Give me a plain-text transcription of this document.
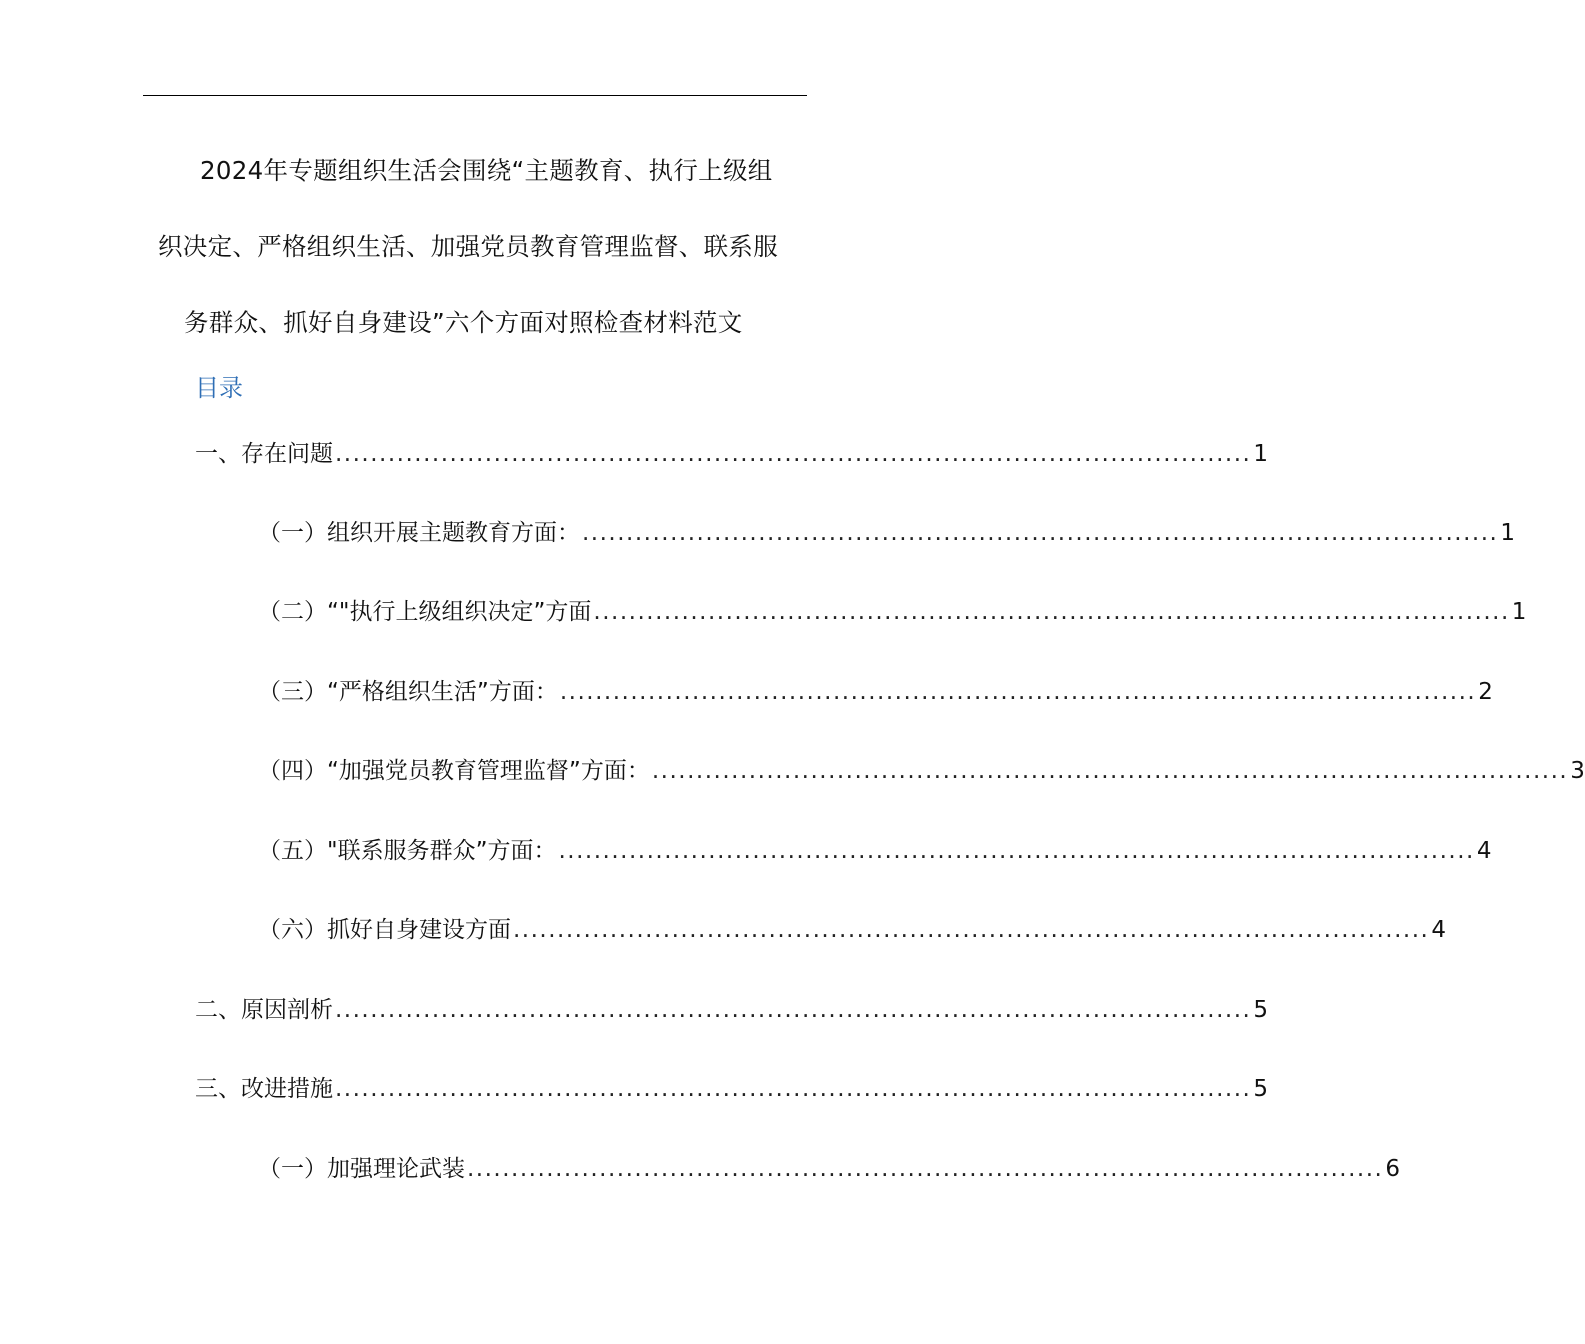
2024年专题组织生活会围绕“主题教育、执行上级组
织决定、严格组织生活、加强党员教育管理监督、联系服
务群众、抓好自身建设”六个方面对照检查材料范文
目录
一、存在问题 ........................................................................................................ 1
（一）组织开展主题教育方面： ........................................................................................................ 1
（二）“"执行上级组织决定”方面 ........................................................................................................ 1
（三）“严格组织生活”方面： ........................................................................................................ 2
（四）“加强党员教育管理监督”方面： ........................................................................................................ 3
（五）"联系服务群众”方面： ........................................................................................................ 4
（六）抓好自身建设方面 ........................................................................................................ 4
二、原因剖析 ........................................................................................................ 5
三、改进措施 ........................................................................................................ 5
（一）加强理论武装 ........................................................................................................ 6
